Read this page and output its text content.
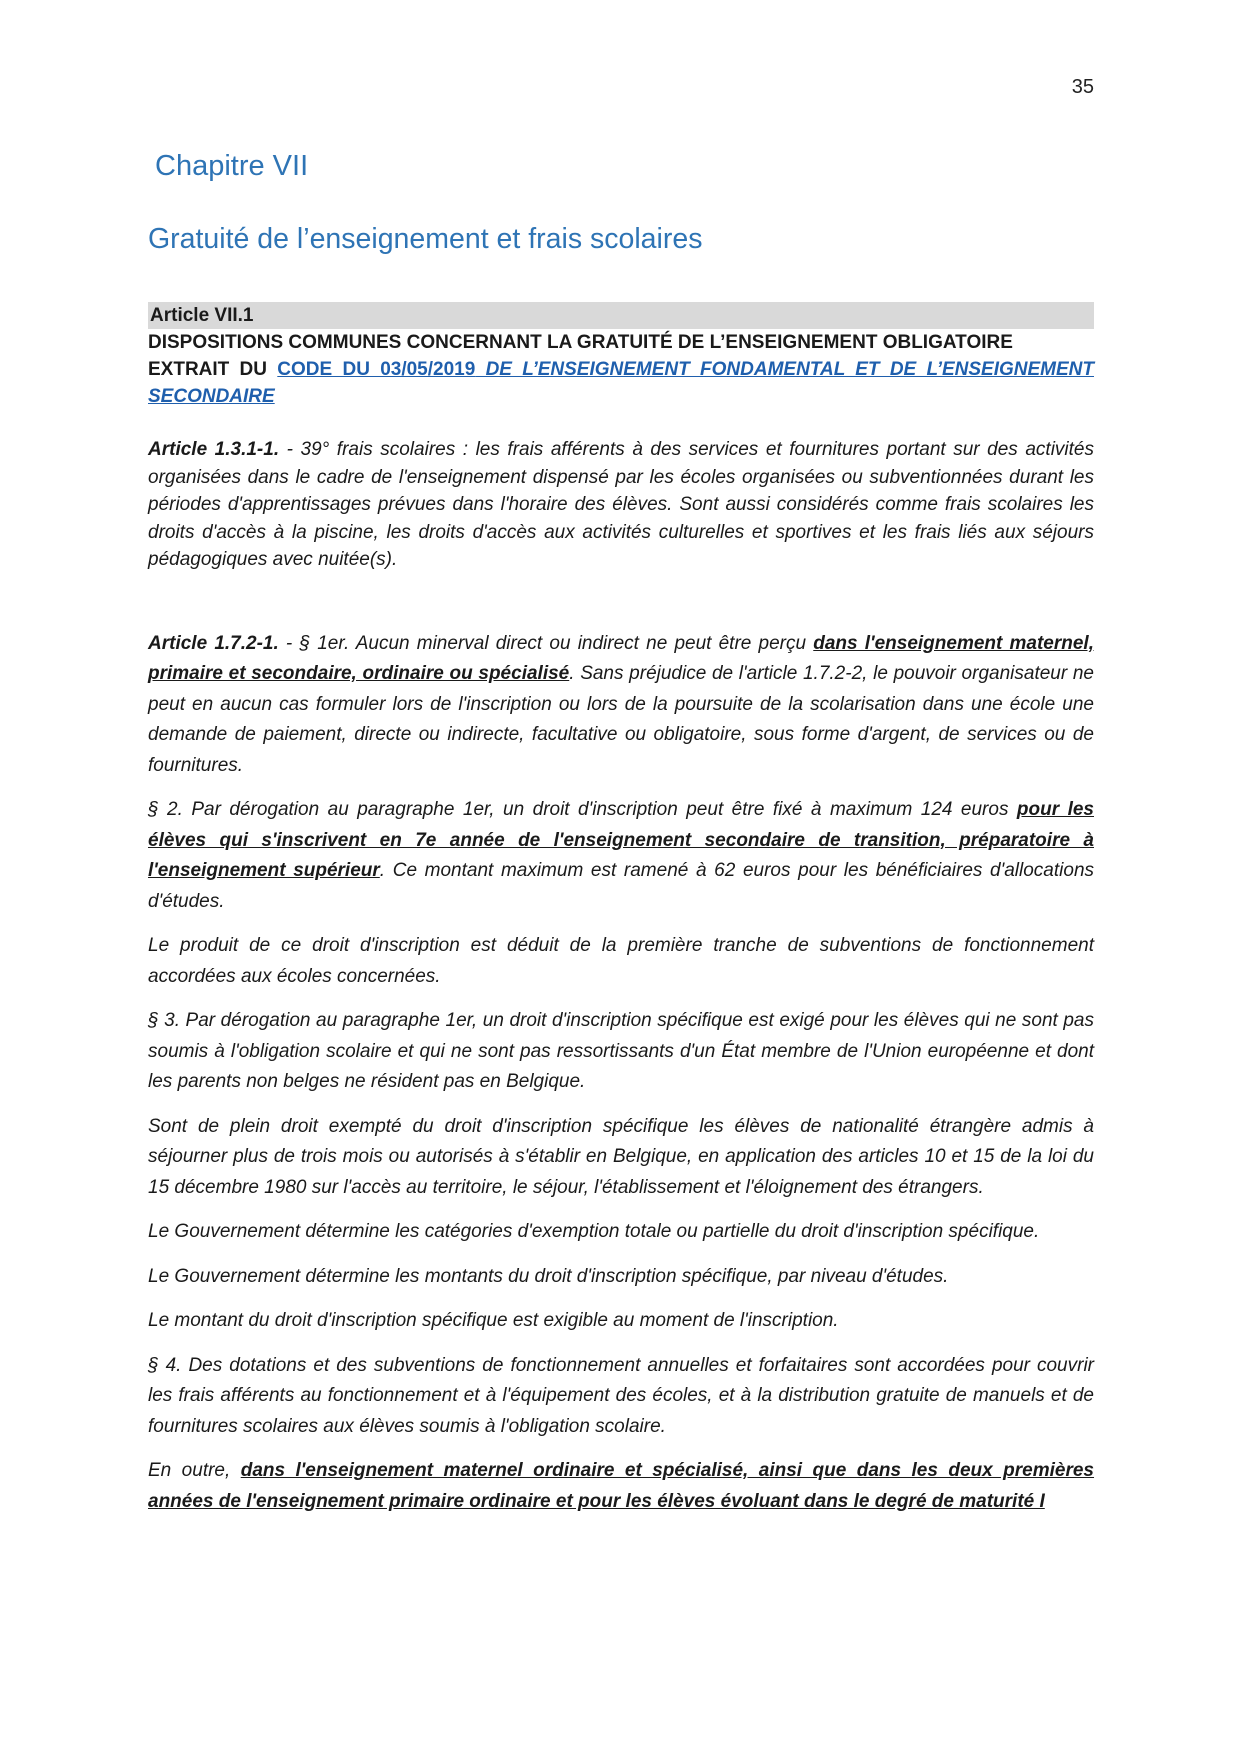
35
Chapitre VII
Gratuité de l’enseignement et frais scolaires
Article VII.1
DISPOSITIONS COMMUNES CONCERNANT LA GRATUITÉ DE L’ENSEIGNEMENT OBLIGATOIRE
EXTRAIT DU CODE DU 03/05/2019 DE L’ENSEIGNEMENT FONDAMENTAL ET DE L’ENSEIGNEMENT SECONDAIRE

Article 1.3.1-1. - 39° frais scolaires : les frais afférents à des services et fournitures portant sur des activités organisées dans le cadre de l'enseignement dispensé par les écoles organisées ou subventionnées durant les périodes d'apprentissages prévues dans l'horaire des élèves. Sont aussi considérés comme frais scolaires les droits d'accès à la piscine, les droits d'accès aux activités culturelles et sportives et les frais liés aux séjours pédagogiques avec nuitée(s).

Article 1.7.2-1. - § 1er. Aucun minerval direct ou indirect ne peut être perçu dans l'enseignement maternel, primaire et secondaire, ordinaire ou spécialisé. Sans préjudice de l'article 1.7.2-2, le pouvoir organisateur ne peut en aucun cas formuler lors de l'inscription ou lors de la poursuite de la scolarisation dans une école une demande de paiement, directe ou indirecte, facultative ou obligatoire, sous forme d'argent, de services ou de fournitures.

§ 2. Par dérogation au paragraphe 1er, un droit d'inscription peut être fixé à maximum 124 euros pour les élèves qui s'inscrivent en 7e année de l'enseignement secondaire de transition, préparatoire à l'enseignement supérieur. Ce montant maximum est ramené à 62 euros pour les bénéficiaires d'allocations d'études.

Le produit de ce droit d'inscription est déduit de la première tranche de subventions de fonctionnement accordées aux écoles concernées.

§ 3. Par dérogation au paragraphe 1er, un droit d'inscription spécifique est exigé pour les élèves qui ne sont pas soumis à l'obligation scolaire et qui ne sont pas ressortissants d'un État membre de l'Union européenne et dont les parents non belges ne résident pas en Belgique.

Sont de plein droit exempté du droit d'inscription spécifique les élèves de nationalité étrangère admis à séjourner plus de trois mois ou autorisés à s'établir en Belgique, en application des articles 10 et 15 de la loi du 15 décembre 1980 sur l'accès au territoire, le séjour, l'établissement et l'éloignement des étrangers.

Le Gouvernement détermine les catégories d'exemption totale ou partielle du droit d'inscription spécifique.

Le Gouvernement détermine les montants du droit d'inscription spécifique, par niveau d'études.

Le montant du droit d'inscription spécifique est exigible au moment de l'inscription.

§ 4. Des dotations et des subventions de fonctionnement annuelles et forfaitaires sont accordées pour couvrir les frais afférents au fonctionnement et à l'équipement des écoles, et à la distribution gratuite de manuels et de fournitures scolaires aux élèves soumis à l'obligation scolaire.

En outre, dans l'enseignement maternel ordinaire et spécialisé, ainsi que dans les deux premières années de l'enseignement primaire ordinaire et pour les élèves évoluant dans le degré de maturité I
